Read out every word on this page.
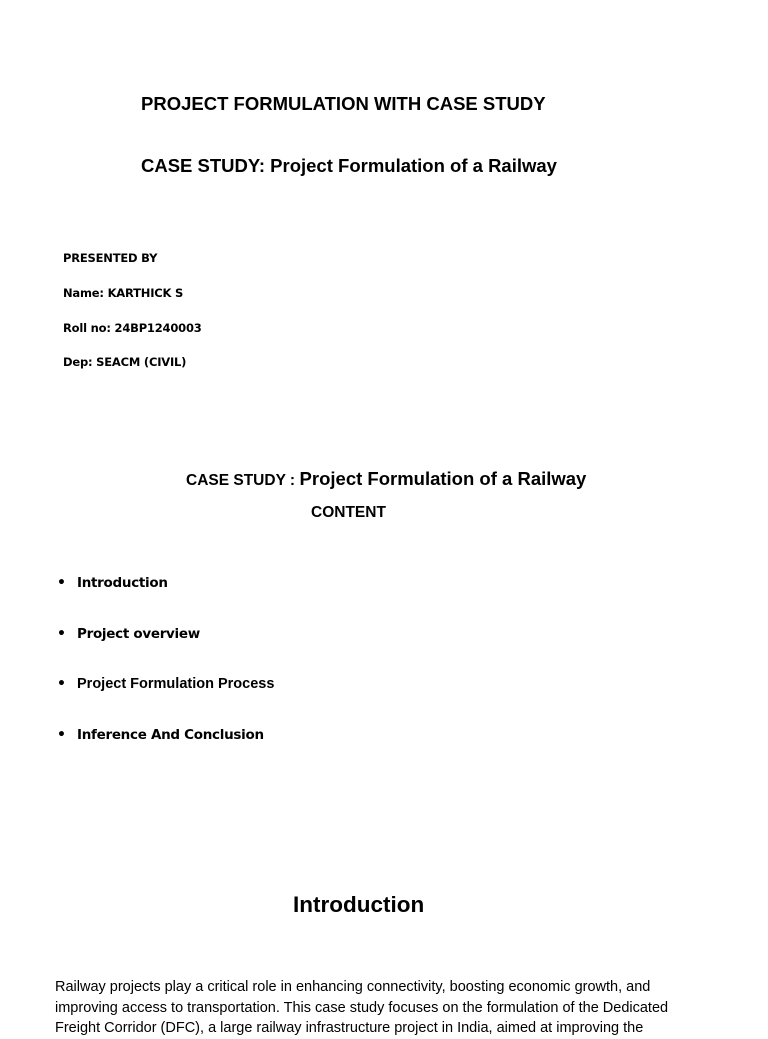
PROJECT FORMULATION WITH CASE STUDY
CASE STUDY: Project Formulation of a Railway
PRESENTED BY
Name: KARTHICK S
Roll no: 24BP1240003
Dep: SEACM (CIVIL)
CASE STUDY : Project Formulation of a Railway
CONTENT
• Introduction
• Project overview
• Project Formulation Process
• Inference And Conclusion
Introduction
Railway projects play a critical role in enhancing connectivity, boosting economic growth, and improving access to transportation. This case study focuses on the formulation of the Dedicated Freight Corridor (DFC), a large railway infrastructure project in India, aimed at improving the
